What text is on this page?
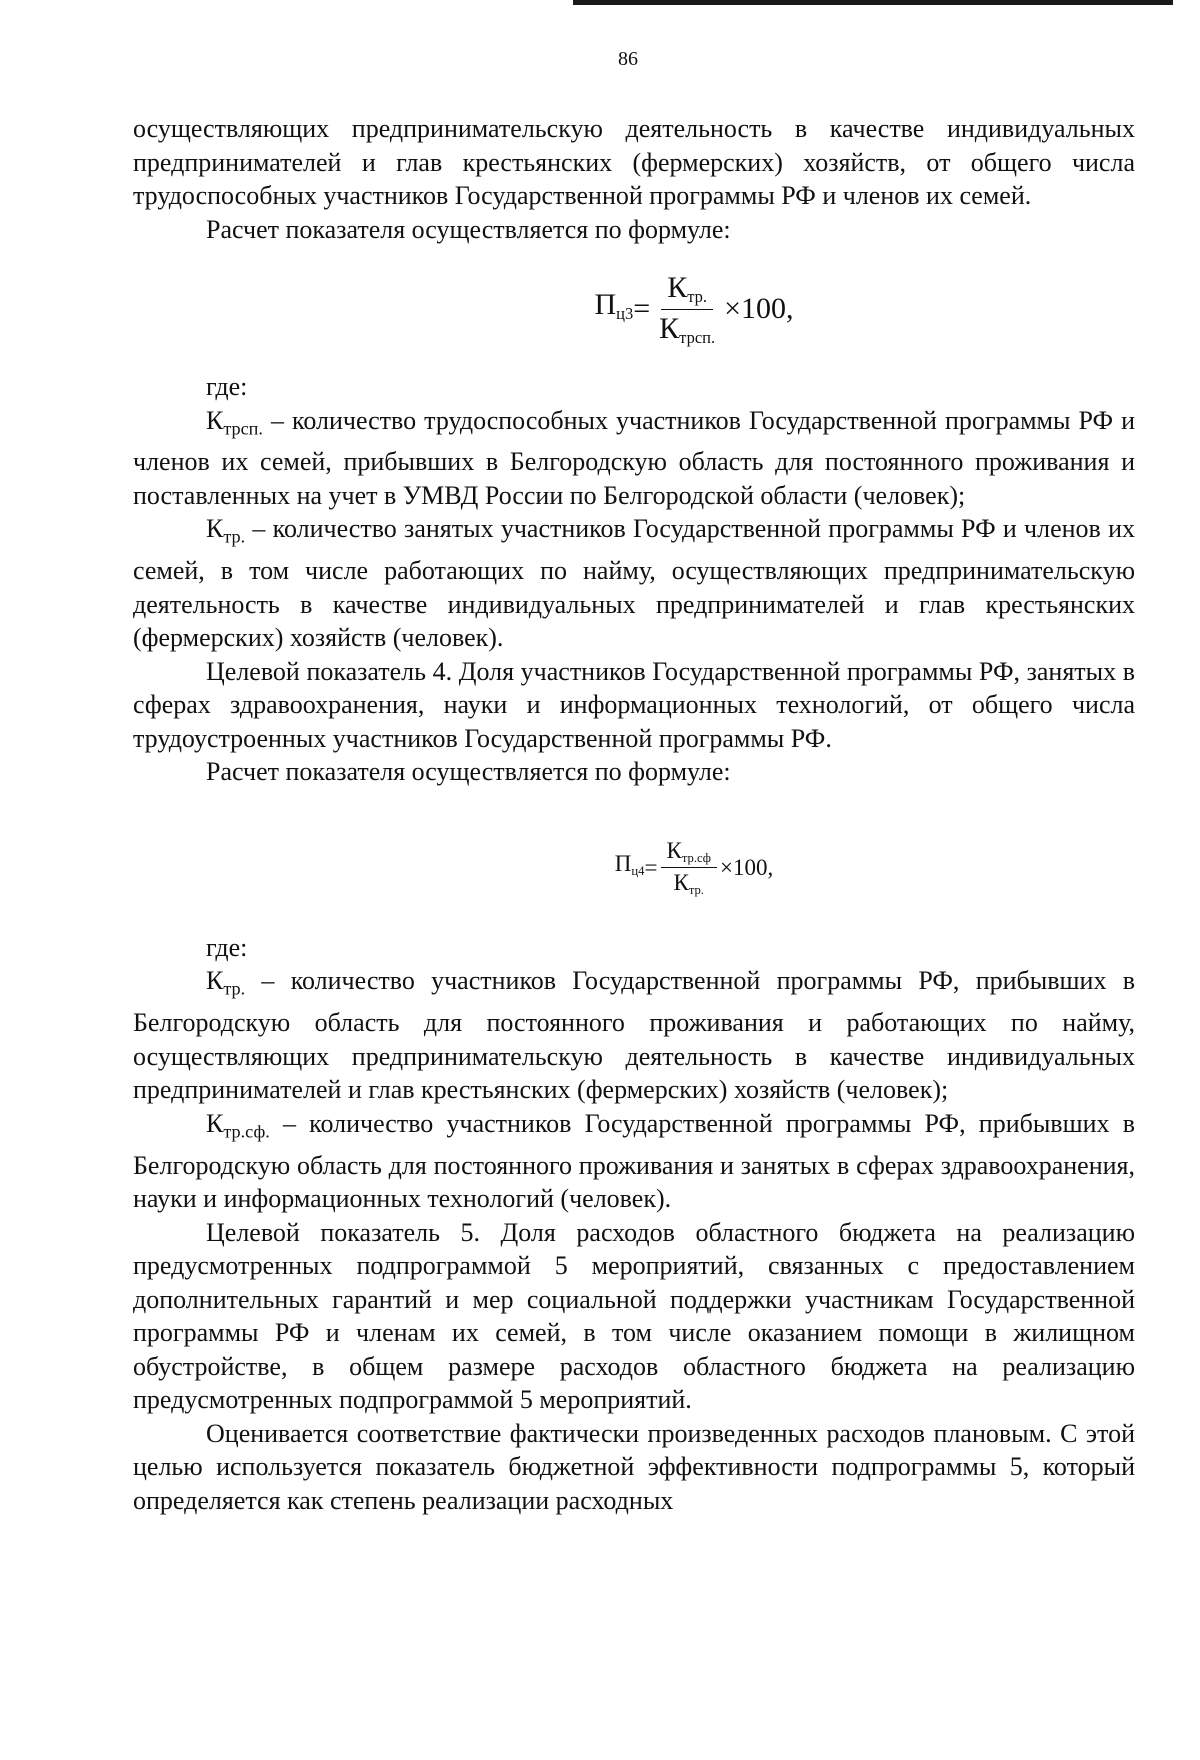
86

осуществляющих предпринимательскую деятельность в качестве индивидуальных предпринимателей и глав крестьянских (фермерских) хозяйств, от общего числа трудоспособных участников Государственной программы РФ и членов их семей.

Расчет показателя осуществляется по формуле:

$П_{ц3} = \frac{К_{тр.}}{К_{трсп.}} \times 100$,

где:

$К_{трсп.}$ – количество трудоспособных участников Государственной программы РФ и членов их семей, прибывших в Белгородскую область для постоянного проживания и поставленных на учет в УМВД России по Белгородской области (человек);

$К_{тр.}$ – количество занятых участников Государственной программы РФ и членов их семей, в том числе работающих по найму, осуществляющих предпринимательскую деятельность в качестве индивидуальных предпринимателей и глав крестьянских (фермерских) хозяйств (человек).

Целевой показатель 4. Доля участников Государственной программы РФ, занятых в сферах здравоохранения, науки и информационных технологий, от общего числа трудоустроенных участников Государственной программы РФ.

Расчет показателя осуществляется по формуле:

$П_{ц4} = \frac{К_{тр.сф}}{К_{тр.}} \times 100$,

где:

$К_{тр.}$ – количество участников Государственной программы РФ, прибывших в Белгородскую область для постоянного проживания и работающих по найму, осуществляющих предпринимательскую деятельность в качестве индивидуальных предпринимателей и глав крестьянских (фермерских) хозяйств (человек);

$К_{тр.сф.}$ – количество участников Государственной программы РФ, прибывших в Белгородскую область для постоянного проживания и занятых в сферах здравоохранения, науки и информационных технологий (человек).

Целевой показатель 5. Доля расходов областного бюджета на реализацию предусмотренных подпрограммой 5 мероприятий, связанных с предоставлением дополнительных гарантий и мер социальной поддержки участникам Государственной программы РФ и членам их семей, в том числе оказанием помощи в жилищном обустройстве, в общем размере расходов областного бюджета на реализацию предусмотренных подпрограммой 5 мероприятий.

Оценивается соответствие фактически произведенных расходов плановым. С этой целью используется показатель бюджетной эффективности подпрограммы 5, который определяется как степень реализации расходных
